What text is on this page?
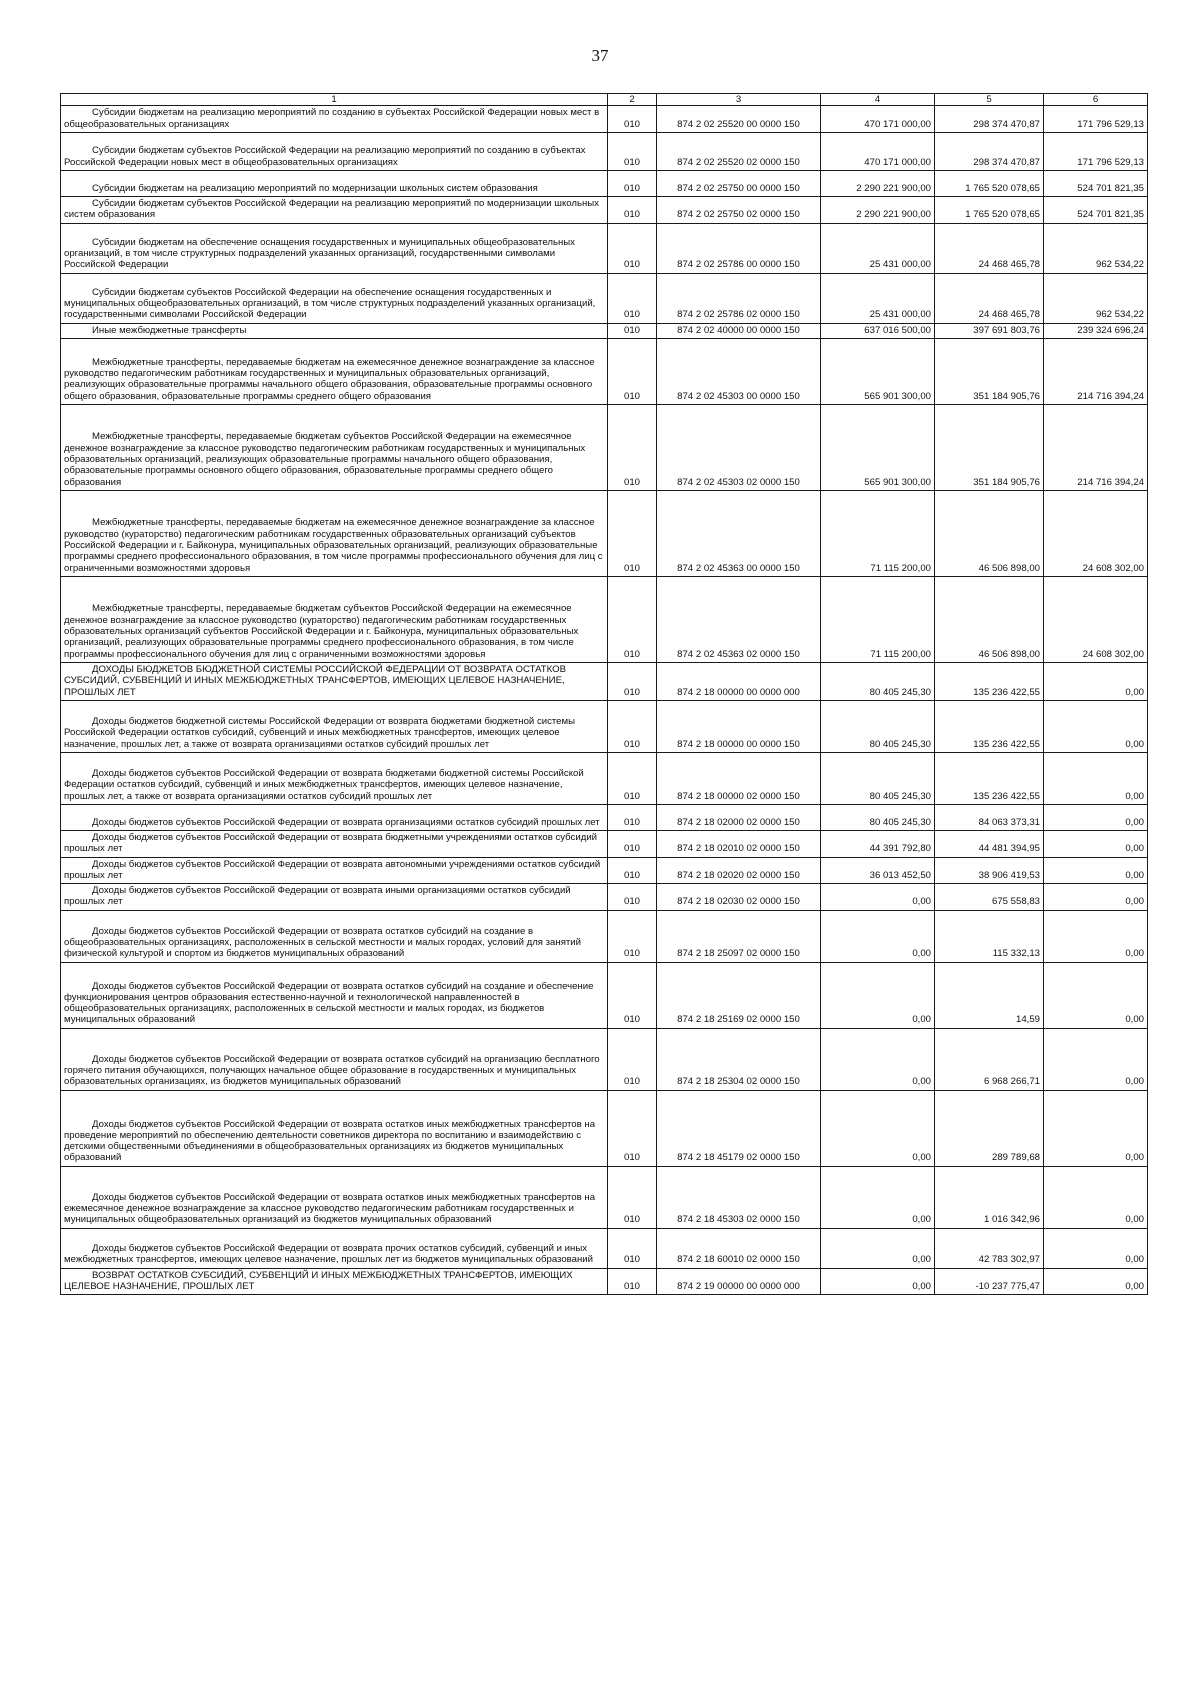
37
1	2	3	4	5	6
Субсидии бюджетам на реализацию мероприятий по созданию в субъектах Российской Федерации новых мест в общеобразовательных организациях	010	874 2 02 25520 00 0000 150	470 171 000,00	298 374 470,87	171 796 529,13
Субсидии бюджетам субъектов Российской Федерации на реализацию мероприятий по созданию в субъектах Российской Федерации новых мест в общеобразовательных организациях	010	874 2 02 25520 02 0000 150	470 171 000,00	298 374 470,87	171 796 529,13
Субсидии бюджетам на реализацию мероприятий по модернизации школьных систем образования	010	874 2 02 25750 00 0000 150	2 290 221 900,00	1 765 520 078,65	524 701 821,35
Субсидии бюджетам субъектов Российской Федерации на реализацию мероприятий по модернизации школьных систем образования	010	874 2 02 25750 02 0000 150	2 290 221 900,00	1 765 520 078,65	524 701 821,35
Субсидии бюджетам на обеспечение оснащения государственных и муниципальных общеобразовательных организаций, в том числе структурных подразделений указанных организаций, государственными символами Российской Федерации	010	874 2 02 25786 00 0000 150	25 431 000,00	24 468 465,78	962 534,22
Субсидии бюджетам субъектов Российской Федерации на обеспечение оснащения государственных и муниципальных общеобразовательных организаций, в том числе структурных подразделений указанных организаций, государственными символами Российской Федерации	010	874 2 02 25786 02 0000 150	25 431 000,00	24 468 465,78	962 534,22
Иные межбюджетные трансферты	010	874 2 02 40000 00 0000 150	637 016 500,00	397 691 803,76	239 324 696,24
Межбюджетные трансферты, передаваемые бюджетам на ежемесячное денежное вознаграждение за классное руководство педагогическим работникам государственных и муниципальных образовательных организаций, реализующих образовательные программы начального общего образования, образовательные программы основного общего образования, образовательные программы среднего общего образования	010	874 2 02 45303 00 0000 150	565 901 300,00	351 184 905,76	214 716 394,24
Межбюджетные трансферты, передаваемые бюджетам субъектов Российской Федерации на ежемесячное денежное вознаграждение за классное руководство педагогическим работникам государственных и муниципальных образовательных организаций, реализующих образовательные программы начального общего образования, образовательные программы основного общего образования, образовательные программы среднего общего образования	010	874 2 02 45303 02 0000 150	565 901 300,00	351 184 905,76	214 716 394,24
Межбюджетные трансферты, передаваемые бюджетам на ежемесячное денежное вознаграждение за классное руководство (кураторство) педагогическим работникам государственных образовательных организаций субъектов Российской Федерации и г. Байконура, муниципальных образовательных организаций, реализующих образовательные программы среднего профессионального образования, в том числе программы профессионального обучения для лиц с ограниченными возможностями здоровья	010	874 2 02 45363 00 0000 150	71 115 200,00	46 506 898,00	24 608 302,00
Межбюджетные трансферты, передаваемые бюджетам субъектов Российской Федерации на ежемесячное денежное вознаграждение за классное руководство (кураторство) педагогическим работникам государственных образовательных организаций субъектов Российской Федерации и г. Байконура, муниципальных образовательных организаций, реализующих образовательные программы среднего профессионального образования, в том числе программы профессионального обучения для лиц с ограниченными возможностями здоровья	010	874 2 02 45363 02 0000 150	71 115 200,00	46 506 898,00	24 608 302,00
ДОХОДЫ БЮДЖЕТОВ БЮДЖЕТНОЙ СИСТЕМЫ РОССИЙСКОЙ ФЕДЕРАЦИИ ОТ ВОЗВРАТА ОСТАТКОВ СУБСИДИЙ, СУБВЕНЦИЙ И ИНЫХ МЕЖБЮДЖЕТНЫХ ТРАНСФЕРТОВ, ИМЕЮЩИХ ЦЕЛЕВОЕ НАЗНАЧЕНИЕ, ПРОШЛЫХ ЛЕТ	010	874 2 18 00000 00 0000 000	80 405 245,30	135 236 422,55	0,00
Доходы бюджетов бюджетной системы Российской Федерации от возврата бюджетами бюджетной системы Российской Федерации остатков субсидий, субвенций и иных межбюджетных трансфертов, имеющих целевое назначение, прошлых лет, а также от возврата организациями остатков субсидий прошлых лет	010	874 2 18 00000 00 0000 150	80 405 245,30	135 236 422,55	0,00
Доходы бюджетов субъектов Российской Федерации от возврата бюджетами бюджетной системы Российской Федерации остатков субсидий, субвенций и иных межбюджетных трансфертов, имеющих целевое назначение, прошлых лет, а также от возврата организациями остатков субсидий прошлых лет	010	874 2 18 00000 02 0000 150	80 405 245,30	135 236 422,55	0,00
Доходы бюджетов субъектов Российской Федерации от возврата организациями остатков субсидий прошлых лет	010	874 2 18 02000 02 0000 150	80 405 245,30	84 063 373,31	0,00
Доходы бюджетов субъектов Российской Федерации от возврата бюджетными учреждениями остатков субсидий прошлых лет	010	874 2 18 02010 02 0000 150	44 391 792,80	44 481 394,95	0,00
Доходы бюджетов субъектов Российской Федерации от возврата автономными учреждениями остатков субсидий прошлых лет	010	874 2 18 02020 02 0000 150	36 013 452,50	38 906 419,53	0,00
Доходы бюджетов субъектов Российской Федерации от возврата иными организациями остатков субсидий прошлых лет	010	874 2 18 02030 02 0000 150	0,00	675 558,83	0,00
Доходы бюджетов субъектов Российской Федерации от возврата остатков субсидий на создание в общеобразовательных организациях, расположенных в сельской местности и малых городах, условий для занятий физической культурой и спортом из бюджетов муниципальных образований	010	874 2 18 25097 02 0000 150	0,00	115 332,13	0,00
Доходы бюджетов субъектов Российской Федерации от возврата остатков субсидий на создание и обеспечение функционирования центров образования естественно-научной и технологической направленностей в общеобразовательных организациях, расположенных в сельской местности и малых городах, из бюджетов муниципальных образований	010	874 2 18 25169 02 0000 150	0,00	14,59	0,00
Доходы бюджетов субъектов Российской Федерации от возврата остатков субсидий на организацию бесплатного горячего питания обучающихся, получающих начальное общее образование в государственных и муниципальных образовательных организациях, из бюджетов муниципальных образований	010	874 2 18 25304 02 0000 150	0,00	6 968 266,71	0,00
Доходы бюджетов субъектов Российской Федерации от возврата остатков иных межбюджетных трансфертов на проведение мероприятий по обеспечению деятельности советников директора по воспитанию и взаимодействию с детскими общественными объединениями в общеобразовательных организациях из бюджетов муниципальных образований	010	874 2 18 45179 02 0000 150	0,00	289 789,68	0,00
Доходы бюджетов субъектов Российской Федерации от возврата остатков иных межбюджетных трансфертов на ежемесячное денежное вознаграждение за классное руководство педагогическим работникам государственных и муниципальных общеобразовательных организаций из бюджетов муниципальных образований	010	874 2 18 45303 02 0000 150	0,00	1 016 342,96	0,00
Доходы бюджетов субъектов Российской Федерации от возврата прочих остатков субсидий, субвенций и иных межбюджетных трансфертов, имеющих целевое назначение, прошлых лет из бюджетов муниципальных образований	010	874 2 18 60010 02 0000 150	0,00	42 783 302,97	0,00
ВОЗВРАТ ОСТАТКОВ СУБСИДИЙ, СУБВЕНЦИЙ И ИНЫХ МЕЖБЮДЖЕТНЫХ ТРАНСФЕРТОВ, ИМЕЮЩИХ ЦЕЛЕВОЕ НАЗНАЧЕНИЕ, ПРОШЛЫХ ЛЕТ	010	874 2 19 00000 00 0000 000	0,00	-10 237 775,47	0,00
